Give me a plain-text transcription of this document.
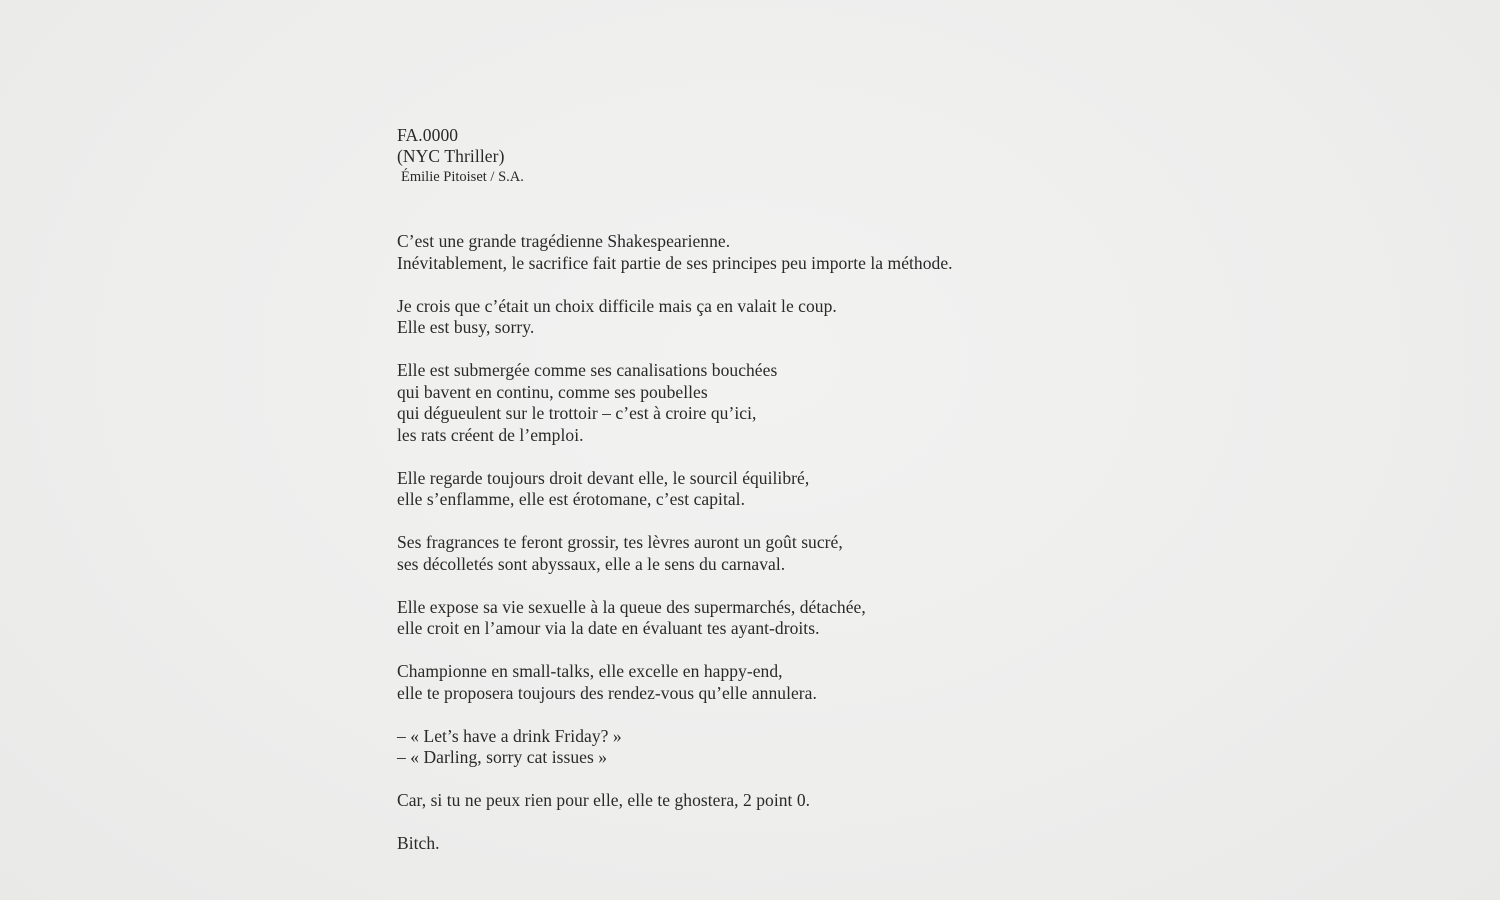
FA.0000

(NYC Thriller)

Émilie Pitoiset / S.A.

C’est une grande tragédienne Shakespearienne.
Inévitablement, le sacrifice fait partie de ses principes peu importe la méthode.
Je crois que c’était un choix difficile mais ça en valait le coup.
Elle est busy, sorry.
Elle est submergée comme ses canalisations bouchées
qui bavent en continu, comme ses poubelles
qui dégueulent sur le trottoir – c’est à croire qu’ici,
les rats créent de l’emploi.
Elle regarde toujours droit devant elle, le sourcil équilibré,
elle s’enflamme, elle est érotomane, c’est capital.
Ses fragrances te feront grossir, tes lèvres auront un goût sucré,
ses décolletés sont abyssaux, elle a le sens du carnaval.
Elle expose sa vie sexuelle à la queue des supermarchés, détachée,
elle croit en l’amour via la date en évaluant tes ayant-droits.
Championne en small-talks, elle excelle en happy-end,
elle te proposera toujours des rendez-vous qu’elle annulera.
– « Let’s have a drink Friday? »
– « Darling, sorry cat issues »
Car, si tu ne peux rien pour elle, elle te ghostera, 2 point 0.
Bitch.
